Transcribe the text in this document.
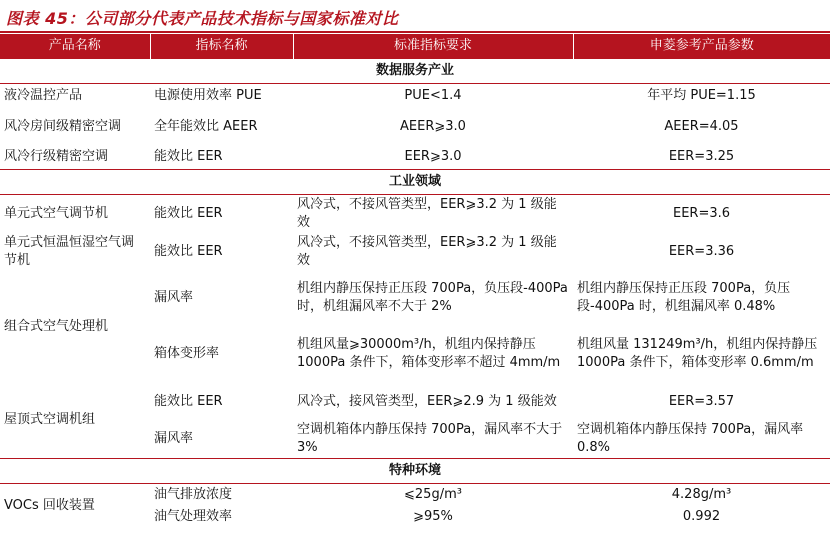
图表 45：公司部分代表产品技术指标与国家标准对比
产品名称	指标名称	标准指标要求	申菱参考产品参数
数据服务产业			
液冷温控产品	电源使用效率 PUE	PUE<1.4	年平均 PUE=1.15
风冷房间级精密空调	全年能效比 AEER	AEER⩾3.0	AEER=4.05
风冷行级精密空调	能效比 EER	EER⩾3.0	EER=3.25
工业领域			
单元式空气调节机	能效比 EER	风冷式，不接风管类型，EER⩾3.2 为 1 级能效	EER=3.6
单元式恒温恒湿空气调节机	能效比 EER	风冷式，不接风管类型，EER⩾3.2 为 1 级能效	EER=3.36
组合式空气处理机	漏风率	机组内静压保持正压段 700Pa，负压段-400Pa 时，机组漏风率不大于 2%	机组内静压保持正压段 700Pa，负压段-400Pa 时，机组漏风率 0.48%
	箱体变形率	机组风量⩾30000m³/h，机组内保持静压 1000Pa 条件下，箱体变形率不超过 4mm/m	机组风量 131249m³/h，机组内保持静压 1000Pa 条件下，箱体变形率 0.6mm/m
屋顶式空调机组	能效比 EER	风冷式，接风管类型，EER⩾2.9 为 1 级能效	EER=3.57
	漏风率	空调机箱体内静压保持 700Pa，漏风率不大于 3%	空调机箱体内静压保持 700Pa，漏风率 0.8%
特种环境			
VOCs 回收装置	油气排放浓度	⩽25g/m³	4.28g/m³
	油气处理效率	⩾95%	0.992
